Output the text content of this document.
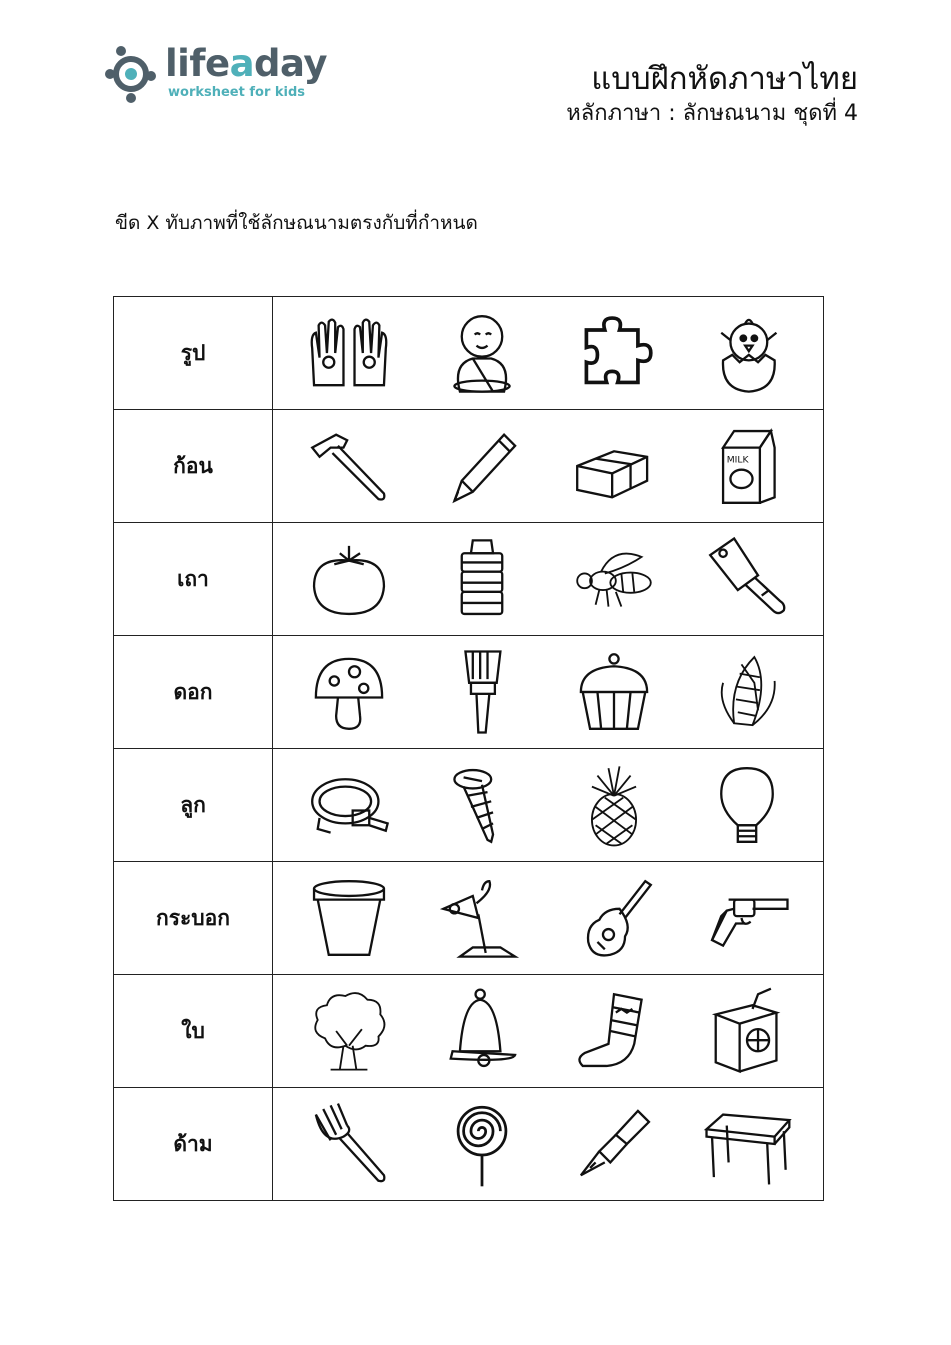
lifeaday
worksheet for kids	แบบฝึกหัดภาษาไทย
หลักภาษา : ลักษณนาม ชุดที่ 4
ขีด X ทับภาพที่ใช้ลักษณนามตรงกับที่กำหนด
รูป	

ก้อน	MILK

เถา	

ดอก	

ลูก	

กระบอก	

ใบ	

ด้าม	
